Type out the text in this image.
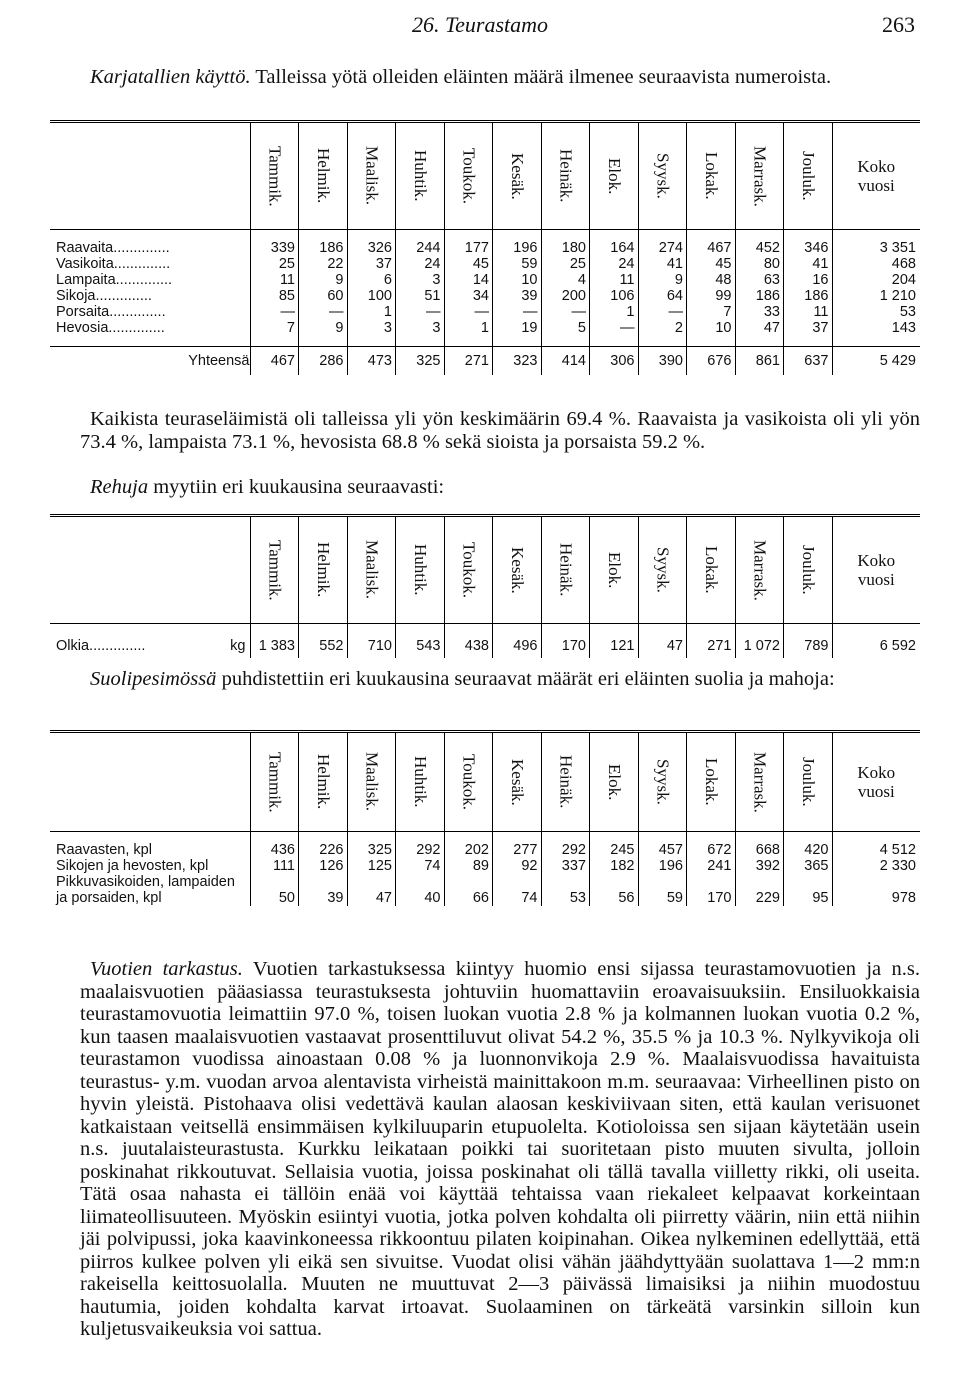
26. Teurastamo	263

Karjatallien käyttö. Talleissa yötä olleiden eläinten määrä ilmenee seuraavista numeroista.

	Tammik.	Helmik.	Maalisk.	Huhtik.	Toukok.	Kesäk.	Heinäk.	Elok.	Syysk.	Lokak.	Marrask.	Jouluk.	Koko
vuosi

Raavaita..............	339	186	326	244	177	196	180	164	274	467	452	346	3 351
Vasikoita..............	25	22	37	24	45	59	25	24	41	45	80	41	468
Lampaita..............	11	9	6	3	14	10	4	11	9	48	63	16	204
Sikoja..............	85	60	100	51	34	39	200	106	64	99	186	186	1 210
Porsaita..............	—	—	1	—	—	—	—	1	—	7	33	11	53
Hevosia..............	7	9	3	3	1	19	5	—	2	10	47	37	143

Yhteensä	467	286	473	325	271	323	414	306	390	676	861	637	5 429

Kaikista teuraseläimistä oli talleissa yli yön keskimäärin 69.4 %. Raavaista ja vasikoista oli yli yön 73.4 %, lampaista 73.1 %, hevosista 68.8 % sekä sioista ja porsaista 59.2 %.

Rehuja myytiin eri kuukausina seuraavasti:

	Tammik.	Helmik.	Maalisk.	Huhtik.	Toukok.	Kesäk.	Heinäk.	Elok.	Syysk.	Lokak.	Marrask.	Jouluk.	Koko
vuosi

Olkia.............. kg	1 383	552	710	543	438	496	170	121	47	271	1 072	789	6 592

Suolipesimössä puhdistettiin eri kuukausina seuraavat määrät eri eläinten suolia ja mahoja:

	Tammik.	Helmik.	Maalisk.	Huhtik.	Toukok.	Kesäk.	Heinäk.	Elok.	Syysk.	Lokak.	Marrask.	Jouluk.	Koko
vuosi

Raavasten, kpl	436	226	325	292	202	277	292	245	457	672	668	420	4 512
Sikojen ja hevosten, kpl	111	126	125	74	89	92	337	182	196	241	392	365	2 330
Pikkuvasikoiden, lampaiden ja porsaiden, kpl	50	39	47	40	66	74	53	56	59	170	229	95	978

Vuotien tarkastus. Vuotien tarkastuksessa kiintyy huomio ensi sijassa teurastamovuotien ja n.s. maalaisvuotien pääasiassa teurastuksesta johtuviin huomattaviin eroavaisuuksiin. Ensiluokkaisia teurastamovuotia leimattiin 97.0 %, toisen luokan vuotia 2.8 % ja kolmannen luokan vuotia 0.2 %, kun taasen maalaisvuotien vastaavat prosenttiluvut olivat 54.2 %, 35.5 % ja 10.3 %. Nylkyvikoja oli teurastamon vuodissa ainoastaan 0.08 % ja luonnonvikoja 2.9 %. Maalaisvuodissa havaituista teurastus- y.m. vuodan arvoa alentavista virheistä mainittakoon m.m. seuraavaa: Virheellinen pisto on hyvin yleistä. Pistohaava olisi vedettävä kaulan alaosan keskiviivaan siten, että kaulan verisuonet katkaistaan veitsellä ensimmäisen kylkiluuparin etupuolelta. Kotioloissa sen sijaan käytetään usein n.s. juutalaisteurastusta. Kurkku leikataan poikki tai suoritetaan pisto muuten sivulta, jolloin poskinahat rikkoutuvat. Sellaisia vuotia, joissa poskinahat oli tällä tavalla viilletty rikki, oli useita. Tätä osaa nahasta ei tällöin enää voi käyttää tehtaissa vaan riekaleet kelpaavat korkeintaan liimateollisuuteen. Myöskin esiintyi vuotia, jotka polven kohdalta oli piirretty väärin, niin että niihin jäi polvipussi, joka kaavinkoneessa rikkoontuu pilaten koipinahan. Oikea nylkeminen edellyttää, että piirros kulkee polven yli eikä sen sivuitse. Vuodat olisi vähän jäähdyttyään suolattava 1—2 mm:n rakeisella keittosuolalla. Muuten ne muuttuvat 2—3 päivässä limaisiksi ja niihin muodostuu hautumia, joiden kohdalta karvat irtoavat. Suolaaminen on tärkeätä varsinkin silloin kun kuljetusvaikeuksia voi sattua.
